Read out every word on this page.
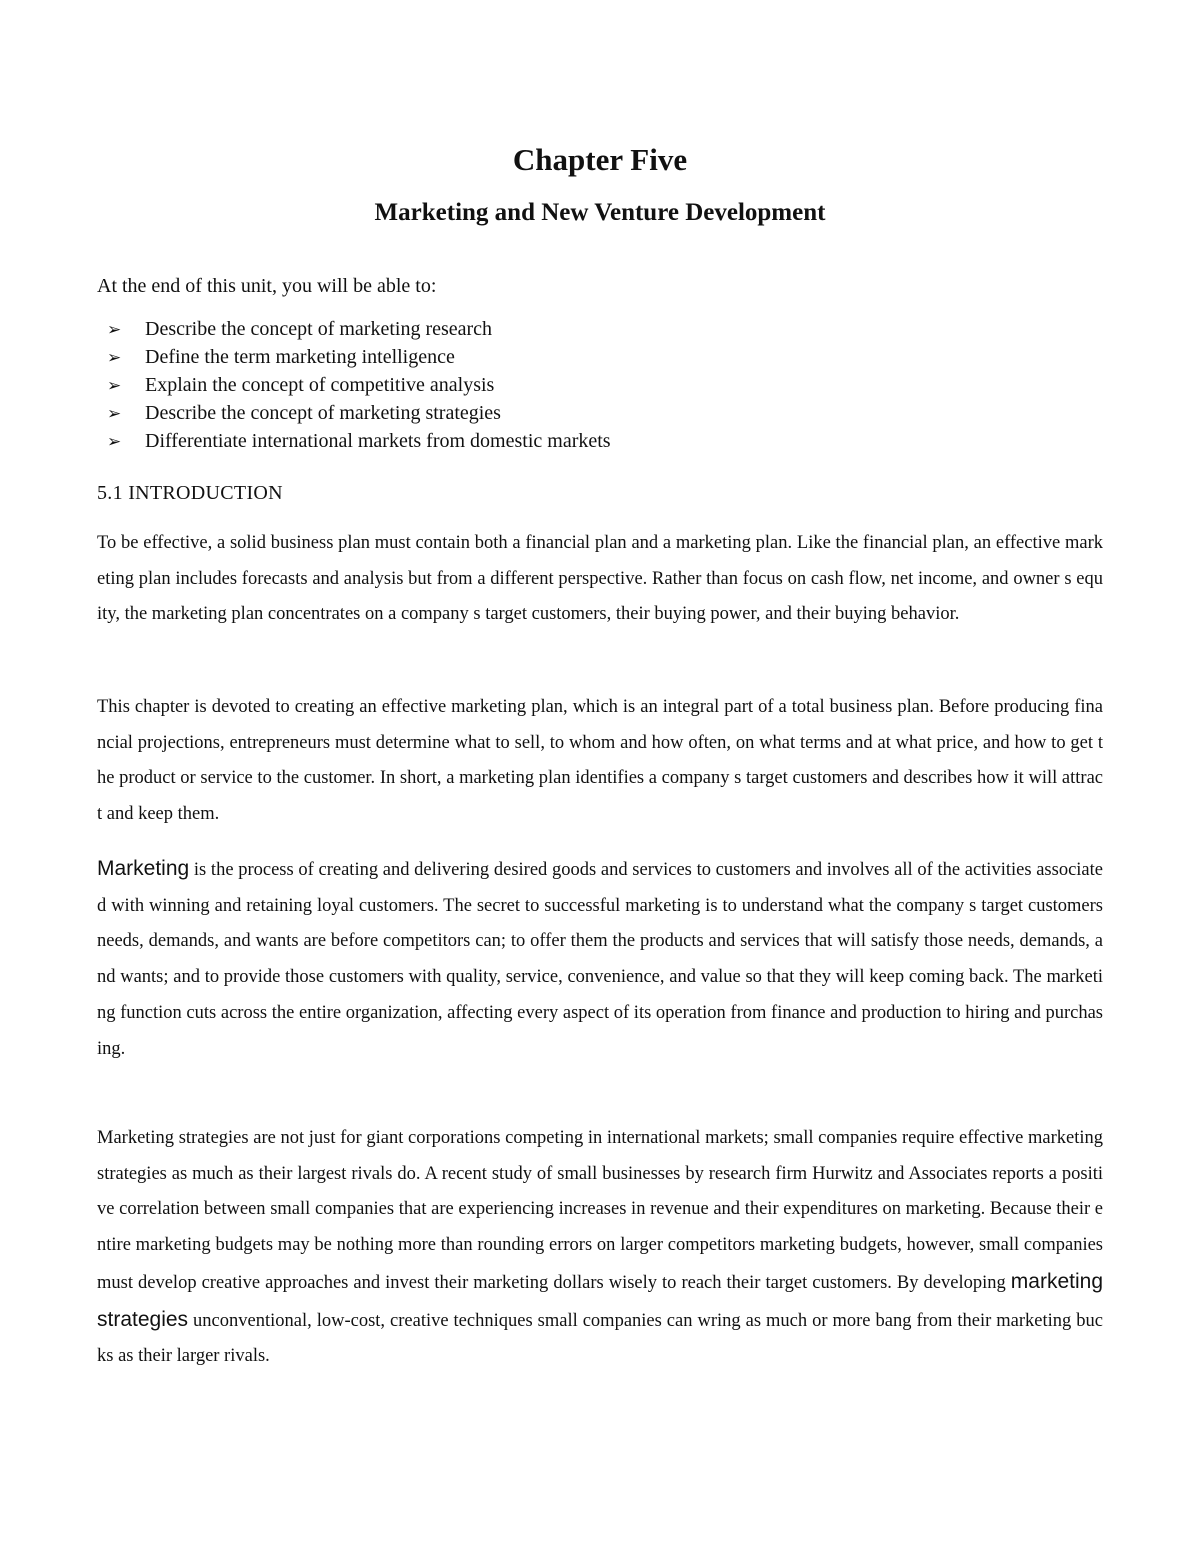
Chapter Five
Marketing and New Venture Development
At the end of this unit, you will be able to:
➢	Describe the concept of marketing research
➢	Define the term marketing intelligence
➢	Explain the concept of competitive analysis
➢	Describe the concept of marketing strategies
➢	Differentiate international markets from domestic markets
5.1 INTRODUCTION

To be effective, a solid business plan must contain both a financial plan and a marketing plan. Like the financial plan, an effective marketing plan includes forecasts and analysis but from a different perspective. Rather than focus on cash flow, net income, and owner s equity, the marketing plan concentrates on a company s target customers, their buying power, and their buying behavior.

This chapter is devoted to creating an effective marketing plan, which is an integral part of a total business plan. Before producing financial projections, entrepreneurs must determine what to sell, to whom and how often, on what terms and at what price, and how to get the product or service to the customer. In short, a marketing plan identifies a company s target customers and describes how it will attract and keep them.

Marketing is the process of creating and delivering desired goods and services to customers and involves all of the activities associated with winning and retaining loyal customers. The secret to successful marketing is to understand what the company s target customers needs, demands, and wants are before competitors can; to offer them the products and services that will satisfy those needs, demands, and wants; and to provide those customers with quality, service, convenience, and value so that they will keep coming back. The marketing function cuts across the entire organization, affecting every aspect of its operation from finance and production to hiring and purchasing.

Marketing strategies are not just for giant corporations competing in international markets; small companies require effective marketing strategies as much as their largest rivals do. A recent study of small businesses by research firm Hurwitz and Associates reports a positive correlation between small companies that are experiencing increases in revenue and their expenditures on marketing. Because their entire marketing budgets may be nothing more than rounding errors on larger competitors marketing budgets, however, small companies must develop creative approaches and invest their marketing dollars wisely to reach their target customers. By developing marketing strategies unconventional, low-cost, creative techniques small companies can wring as much or more bang from their marketing bucks as their larger rivals.
